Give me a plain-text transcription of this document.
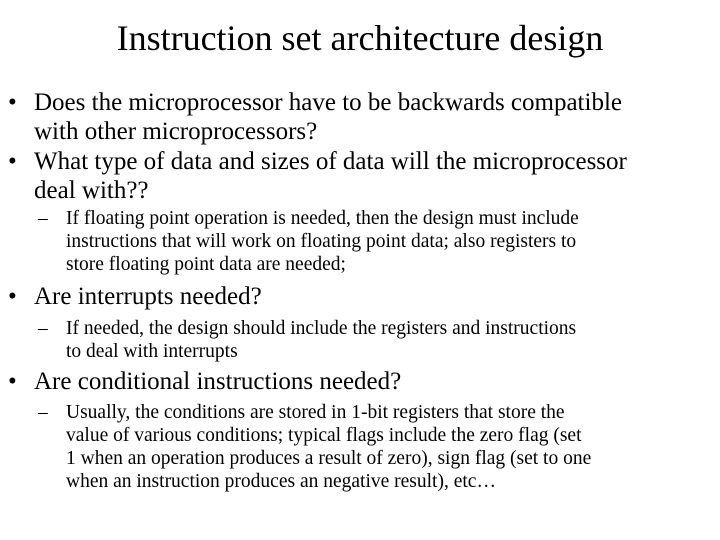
Instruction set architecture design
• Does the microprocessor have to be backwards compatible
with other microprocessors?
• What type of data and sizes of data will the microprocessor
deal with??
– If floating point operation is needed, then the design must include
instructions that will work on floating point data; also registers to
store floating point data are needed;
• Are interrupts needed?
– If needed, the design should include the registers and instructions
to deal with interrupts
• Are conditional instructions needed?
– Usually, the conditions are stored in 1-bit registers that store the
value of various conditions; typical flags include the zero flag (set
1 when an operation produces a result of zero), sign flag (set to one
when an instruction produces an negative result), etc…
